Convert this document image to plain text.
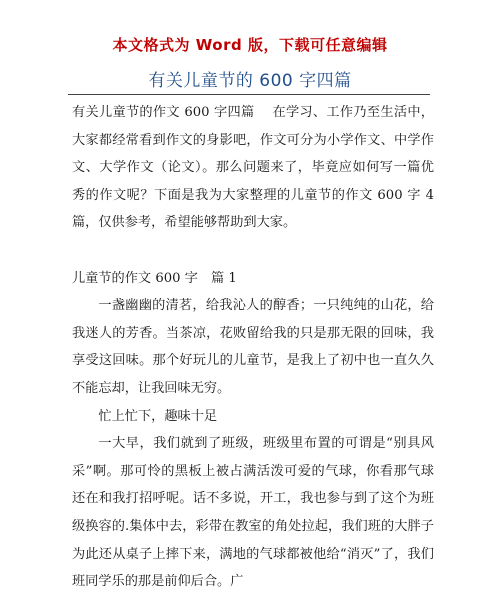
本文格式为 Word 版，下载可任意编辑
有关儿童节的 600 字四篇

有关儿童节的作文 600 字四篇　 在学习、工作乃至生活中，大家都经常看到作文的身影吧，作文可分为小学作文、中学作文、大学作文（论文）。那么问题来了，毕竟应如何写一篇优秀的作文呢？下面是我为大家整理的儿童节的作文 600 字 4 篇，仅供参考，希望能够帮助到大家。

儿童节的作文 600 字　篇 1

一盏幽幽的清茗，给我沁人的醇香；一只纯纯的山花，给我迷人的芳香。当茶凉，花败留给我的只是那无限的回味，我享受这回味。那个好玩儿的儿童节，是我上了初中也一直久久不能忘却，让我回味无穷。

忙上忙下，趣味十足

一大早，我们就到了班级，班级里布置的可谓是“别具风采”啊。那可怜的黑板上被占满活泼可爱的气球，你看那气球还在和我打招呼呢。话不多说，开工，我也参与到了这个为班级换容的.集体中去，彩带在教室的角处拉起，我们班的大胖子为此还从桌子上摔下来，满地的气球都被他给“消灭”了，我们班同学乐的那是前仰后合。广
